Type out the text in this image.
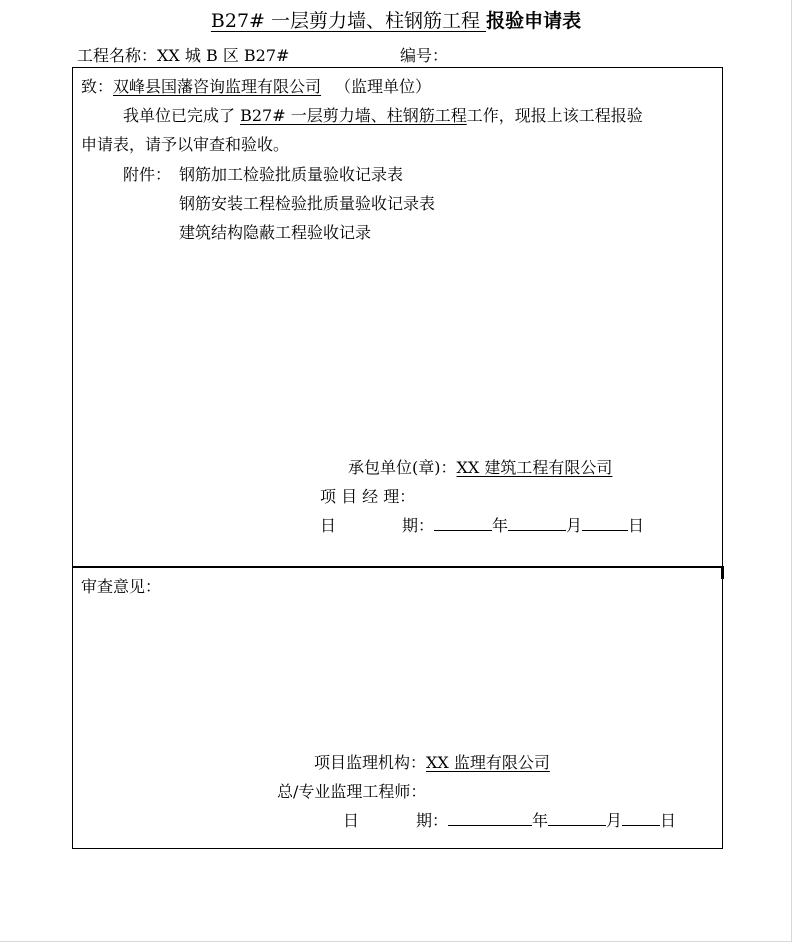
B27# 一层剪力墙、柱钢筋工程 报验申请表
工程名称：XX 城 B 区 B27#	编号：
致：双峰县国藩咨询监理有限公司 （监理单位）
我单位已完成了 B27# 一层剪力墙、柱钢筋工程工作，现报上该工程报验
申请表，请予以审查和验收。
附件： 钢筋加工检验批质量验收记录表
钢筋安装工程检验批质量验收记录表
建筑结构隐蔽工程验收记录
承包单位(章)：XX 建筑工程有限公司
项 目 经 理：
日	期：	年	月	日
审查意见：
项目监理机构：XX 监理有限公司
总/专业监理工程师：
日	期：	年	月 日
